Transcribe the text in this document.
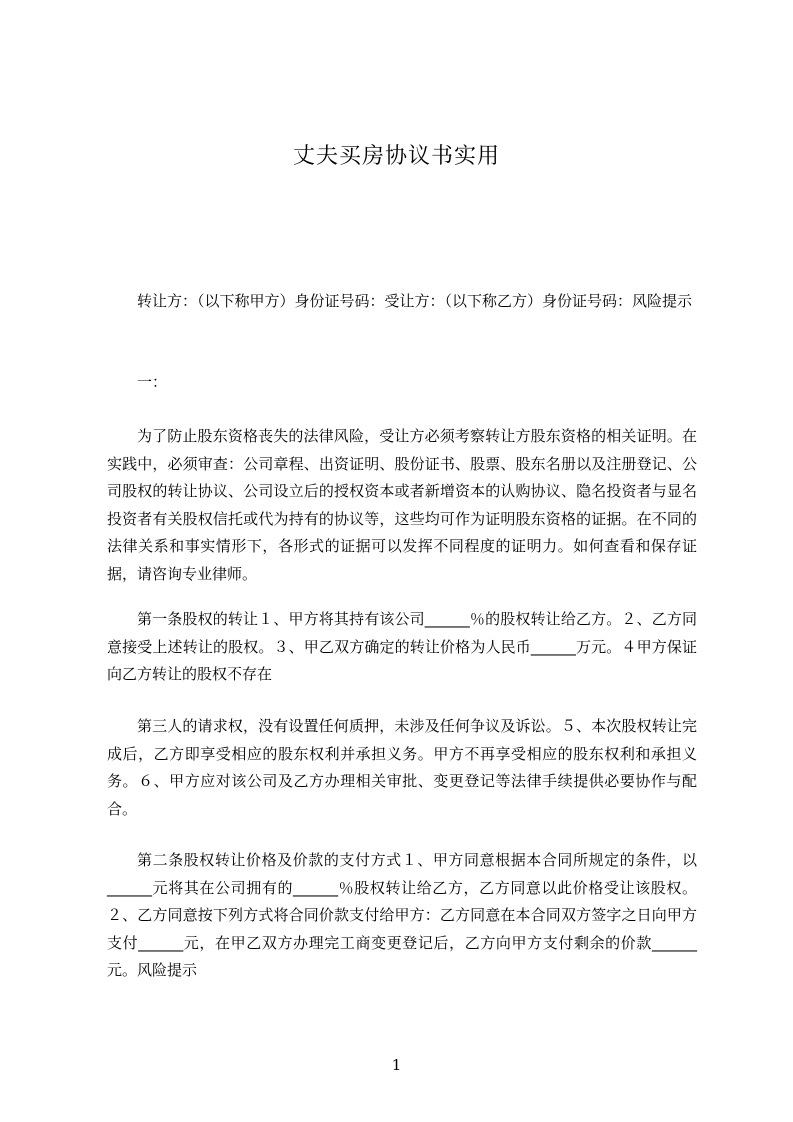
丈夫买房协议书实用

转让方：（以下称甲方）身份证号码：受让方：（以下称乙方）身份证号码：风险提示

一：

为了防止股东资格丧失的法律风险，受让方必须考察转让方股东资格的相关证明。在实践中，必须审查：公司章程、出资证明、股份证书、股票、股东名册以及注册登记、公司股权的转让协议、公司设立后的授权资本或者新增资本的认购协议、隐名投资者与显名投资者有关股权信托或代为持有的协议等，这些均可作为证明股东资格的证据。在不同的法律关系和事实情形下，各形式的证据可以发挥不同程度的证明力。如何查看和保存证据，请咨询专业律师。

第一条股权的转让１、甲方将其持有该公司______％的股权转让给乙方。２、乙方同意接受上述转让的股权。３、甲乙双方确定的转让价格为人民币______万元。４甲方保证向乙方转让的股权不存在

第三人的请求权，没有设置任何质押，未涉及任何争议及诉讼。５、本次股权转让完成后，乙方即享受相应的股东权利并承担义务。甲方不再享受相应的股东权利和承担义务。６、甲方应对该公司及乙方办理相关审批、变更登记等法律手续提供必要协作与配合。

第二条股权转让价格及价款的支付方式１、甲方同意根据本合同所规定的条件，以______元将其在公司拥有的______％股权转让给乙方，乙方同意以此价格受让该股权。２、乙方同意按下列方式将合同价款支付给甲方：乙方同意在本合同双方签字之日向甲方支付______元，在甲乙双方办理完工商变更登记后，乙方向甲方支付剩余的价款______元。风险提示

1
